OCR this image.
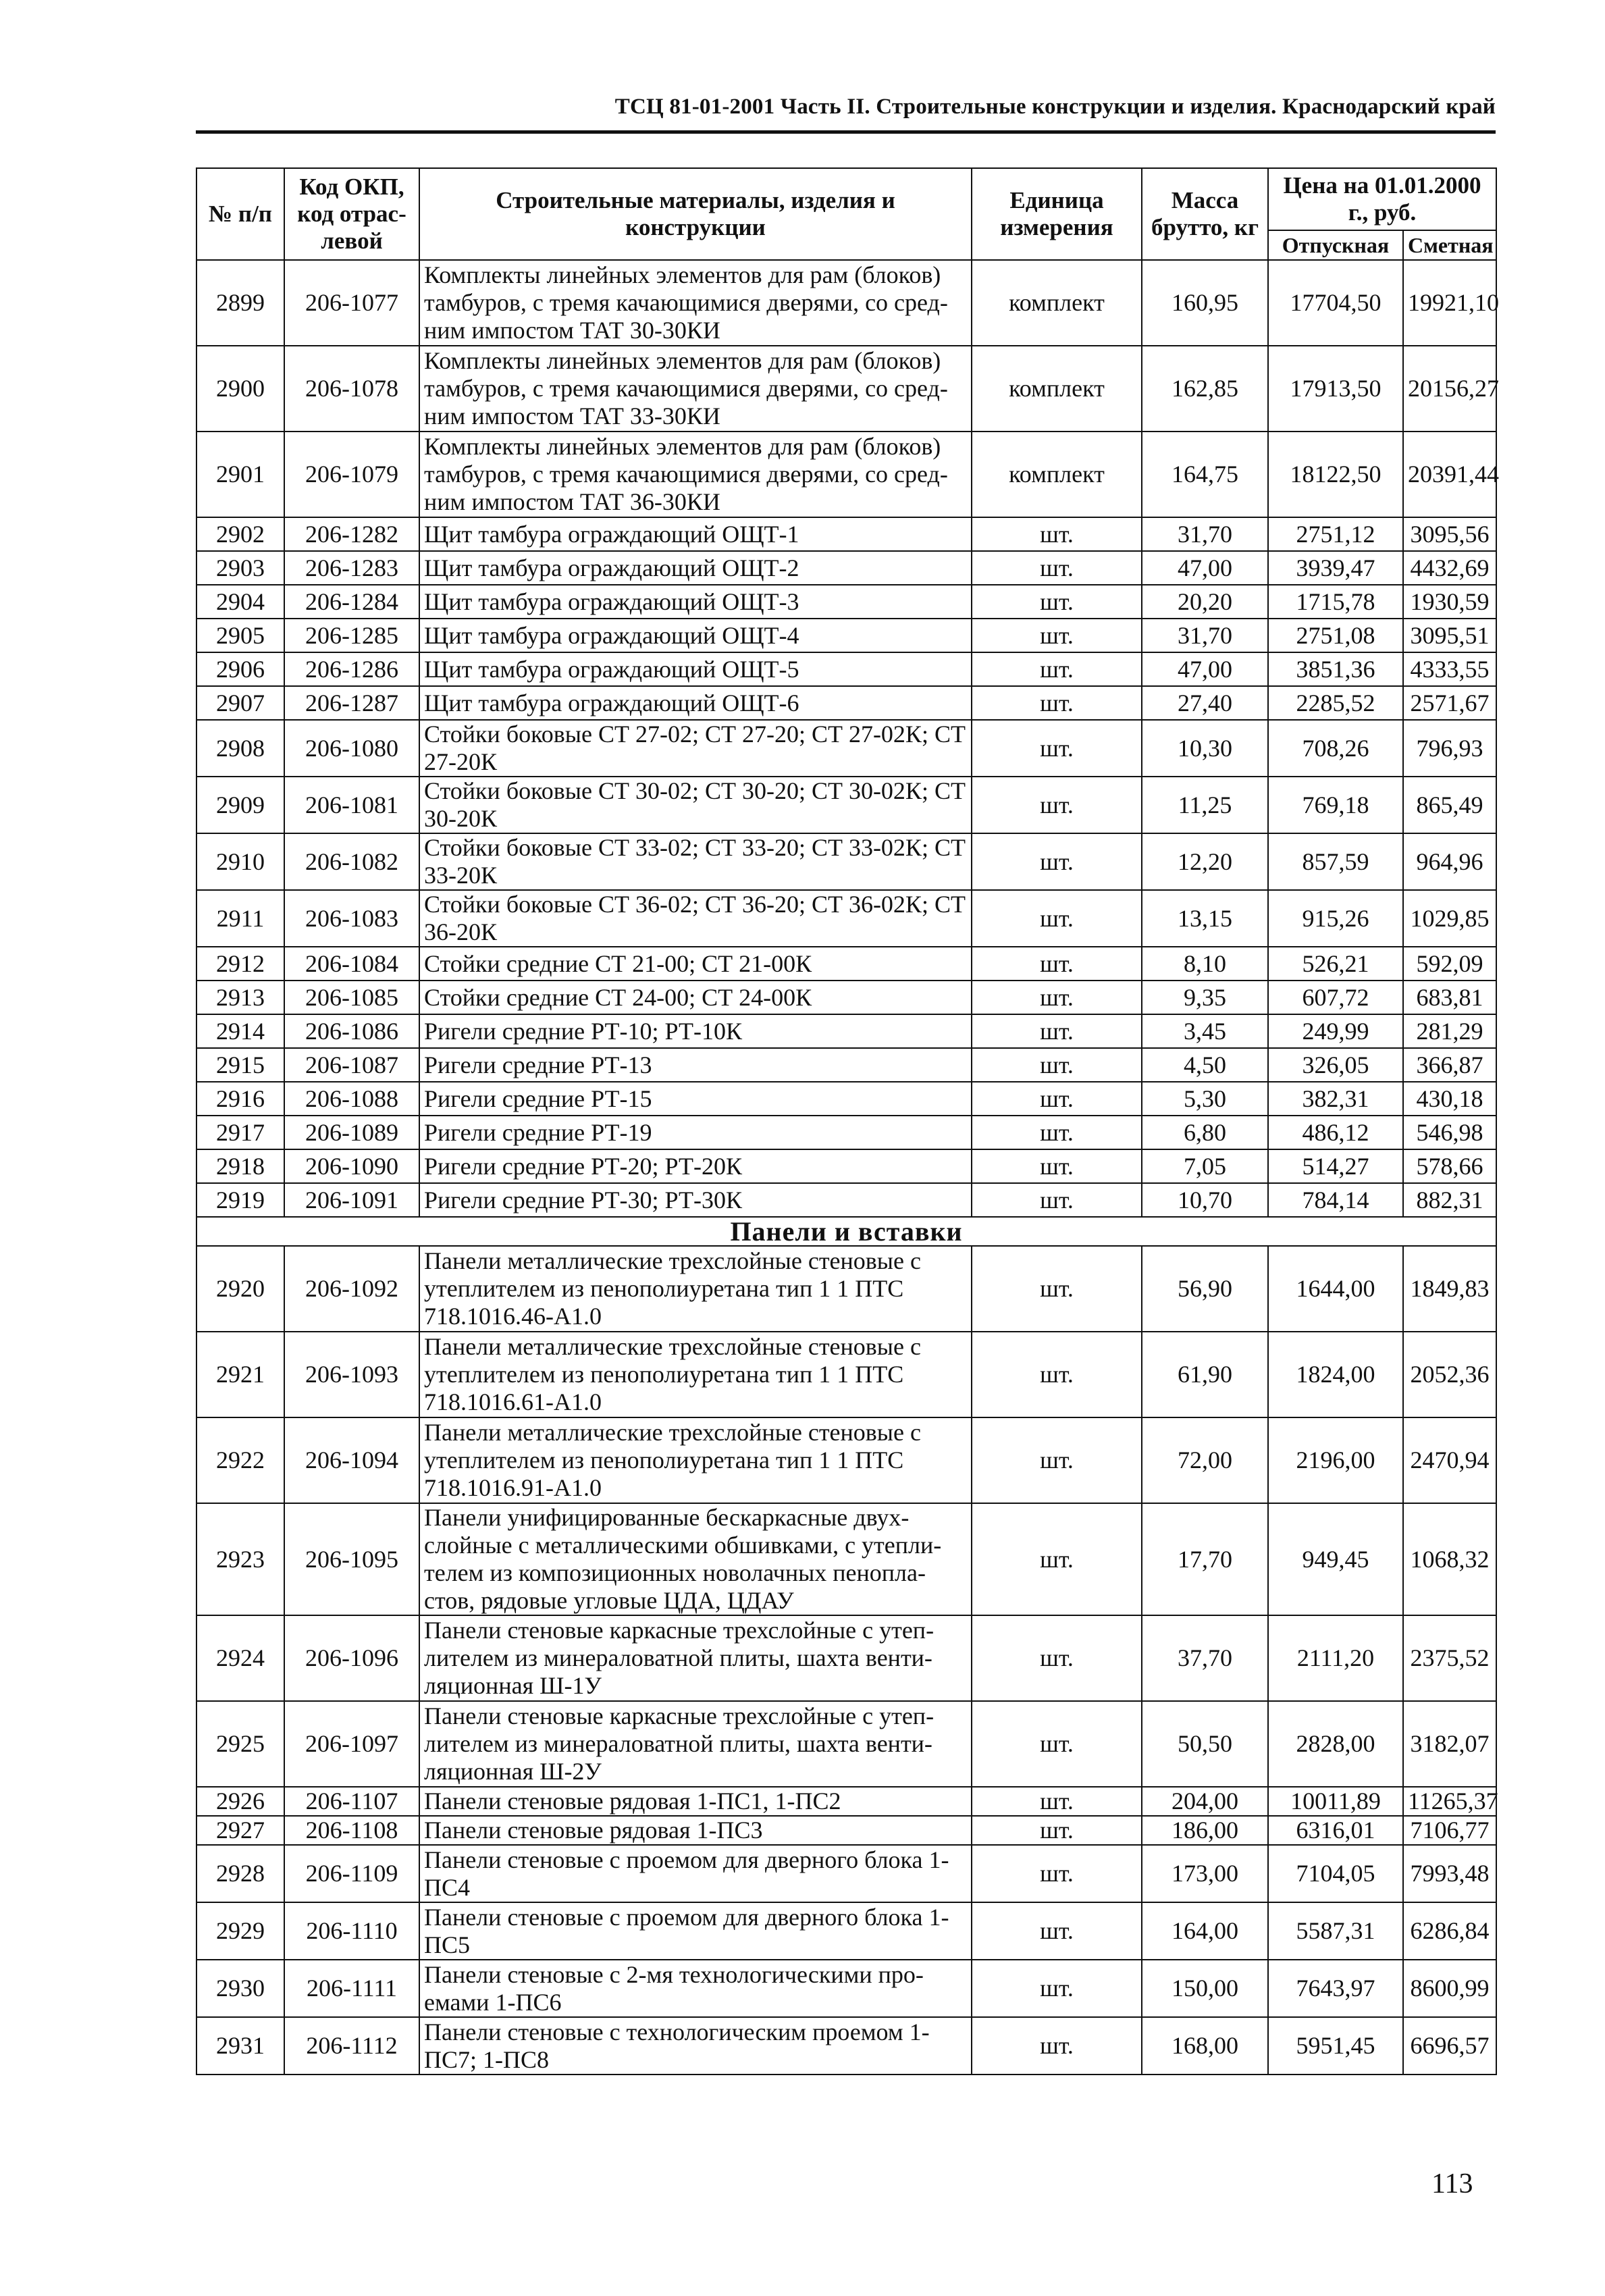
ТСЦ 81-01-2001 Часть II. Строительные конструкции и изделия. Краснодарский край
№ п/п	Код ОКП, код отрас-левой	Строительные материалы, изделия и конструкции	Единица измерения	Масса брутто, кг	Цена на 01.01.2000 г., руб.	
					Отпускная	Сметная
2899	206-1077	Комплекты линейных элементов для рам (блоков) тамбуров, с тремя качающимися дверями, со сред-ним импостом ТАТ 30-30КИ	комплект	160,95	17704,50	19921,10
2900	206-1078	Комплекты линейных элементов для рам (блоков) тамбуров, с тремя качающимися дверями, со сред-ним импостом ТАТ 33-30КИ	комплект	162,85	17913,50	20156,27
2901	206-1079	Комплекты линейных элементов для рам (блоков) тамбуров, с тремя качающимися дверями, со сред-ним импостом ТАТ 36-30КИ	комплект	164,75	18122,50	20391,44
2902	206-1282	Щит тамбура ограждающий ОЩТ-1	шт.	31,70	2751,12	3095,56
2903	206-1283	Щит тамбура ограждающий ОЩТ-2	шт.	47,00	3939,47	4432,69
2904	206-1284	Щит тамбура ограждающий ОЩТ-3	шт.	20,20	1715,78	1930,59
2905	206-1285	Щит тамбура ограждающий ОЩТ-4	шт.	31,70	2751,08	3095,51
2906	206-1286	Щит тамбура ограждающий ОЩТ-5	шт.	47,00	3851,36	4333,55
2907	206-1287	Щит тамбура ограждающий ОЩТ-6	шт.	27,40	2285,52	2571,67
2908	206-1080	Стойки боковые СТ 27-02; СТ 27-20; СТ 27-02К; СТ 27-20К	шт.	10,30	708,26	796,93
2909	206-1081	Стойки боковые СТ 30-02; СТ 30-20; СТ 30-02К; СТ 30-20К	шт.	11,25	769,18	865,49
2910	206-1082	Стойки боковые СТ 33-02; СТ 33-20; СТ 33-02К; СТ 33-20К	шт.	12,20	857,59	964,96
2911	206-1083	Стойки боковые СТ 36-02; СТ 36-20; СТ 36-02К; СТ 36-20К	шт.	13,15	915,26	1029,85
2912	206-1084	Стойки средние СТ 21-00; СТ 21-00К	шт.	8,10	526,21	592,09
2913	206-1085	Стойки средние СТ 24-00; СТ 24-00К	шт.	9,35	607,72	683,81
2914	206-1086	Ригели средние РТ-10; РТ-10К	шт.	3,45	249,99	281,29
2915	206-1087	Ригели средние РТ-13	шт.	4,50	326,05	366,87
2916	206-1088	Ригели средние РТ-15	шт.	5,30	382,31	430,18
2917	206-1089	Ригели средние РТ-19	шт.	6,80	486,12	546,98
2918	206-1090	Ригели средние РТ-20; РТ-20К	шт.	7,05	514,27	578,66
2919	206-1091	Ригели средние РТ-30; РТ-30К	шт.	10,70	784,14	882,31
Панели и вставки						
2920	206-1092	Панели металлические трехслойные стеновые с утеплителем из пенополиуретана тип 1 1 ПТС 718.1016.46-А1.0	шт.	56,90	1644,00	1849,83
2921	206-1093	Панели металлические трехслойные стеновые с утеплителем из пенополиуретана тип 1 1 ПТС 718.1016.61-А1.0	шт.	61,90	1824,00	2052,36
2922	206-1094	Панели металлические трехслойные стеновые с утеплителем из пенополиуретана тип 1 1 ПТС 718.1016.91-А1.0	шт.	72,00	2196,00	2470,94
2923	206-1095	Панели унифицированные бескаркасные двух-слойные с металлическими обшивками, с утепли-телем из композиционных новолачных пенопла-стов, рядовые угловые ЦДА, ЦДАУ	шт.	17,70	949,45	1068,32
2924	206-1096	Панели стеновые каркасные трехслойные с утеп-лителем из минераловатной плиты, шахта венти-ляционная Ш-1У	шт.	37,70	2111,20	2375,52
2925	206-1097	Панели стеновые каркасные трехслойные с утеп-лителем из минераловатной плиты, шахта венти-ляционная Ш-2У	шт.	50,50	2828,00	3182,07
2926	206-1107	Панели стеновые рядовая 1-ПС1, 1-ПС2	шт.	204,00	10011,89	11265,37
2927	206-1108	Панели стеновые рядовая 1-ПС3	шт.	186,00	6316,01	7106,77
2928	206-1109	Панели стеновые с проемом для дверного блока 1-ПС4	шт.	173,00	7104,05	7993,48
2929	206-1110	Панели стеновые с проемом для дверного блока 1-ПС5	шт.	164,00	5587,31	6286,84
2930	206-1111	Панели стеновые с 2-мя технологическими про-емами 1-ПС6	шт.	150,00	7643,97	8600,99
2931	206-1112	Панели стеновые с технологическим проемом 1-ПС7; 1-ПС8	шт.	168,00	5951,45	6696,57
113
